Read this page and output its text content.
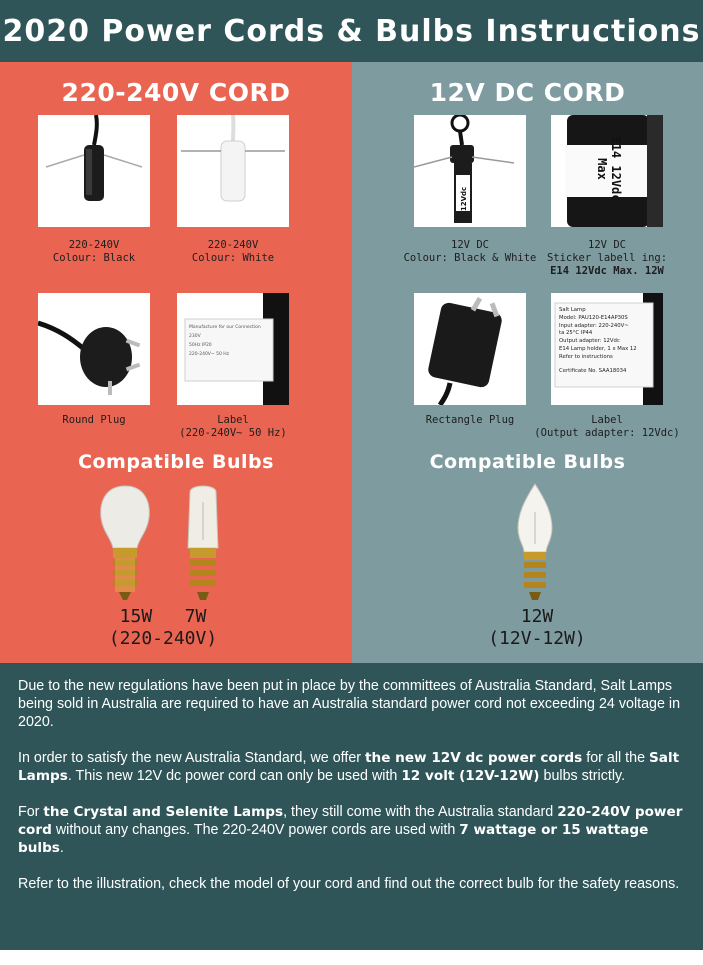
2020 Power Cords & Bulbs Instructions
220-240V CORD
220-240V
Colour: Black
220-240V
Colour: White
Round Plug
Manufacture for our Connection
230V
50Hz IP20
220-240V~ 50 Hz
Label
(220-240V~ 50 Hz)
Compatible Bulbs
15W   7W
(220-240V)
12V DC CORD
12Vdc
12V DC
Colour: Black & White
E14 12Vdc Max
12V DC
Sticker labell ing:
E14 12Vdc Max. 12W
Rectangle Plug
Salt Lamp
Model: PAU120-E14AP30S
Input adapter: 220-240V~
ta 25°C IP44
Output adapter: 12Vdc
E14 Lamp holder, 1 x Max 12
Refer to instructions
Certificate No. SAA18034
Label
(Output adapter: 12Vdc)
Compatible Bulbs
12W
(12V-12W)

Due to the new regulations have been put in place by the committees of Australia Standard, Salt Lamps being sold in Australia are required to have an Australia standard power cord not exceeding 24 voltage in 2020.

In order to satisfy the new Australia Standard, we offer the new 12V dc power cords for all the Salt Lamps. This new 12V dc power cord can only be used with 12 volt (12V-12W) bulbs strictly.

For the Crystal and Selenite Lamps, they still come with the Australia standard 220-240V power cord without any changes. The 220-240V power cords are used with 7 wattage or 15 wattage bulbs.

Refer to the illustration, check the model of your cord and find out the correct bulb for the safety reasons.
